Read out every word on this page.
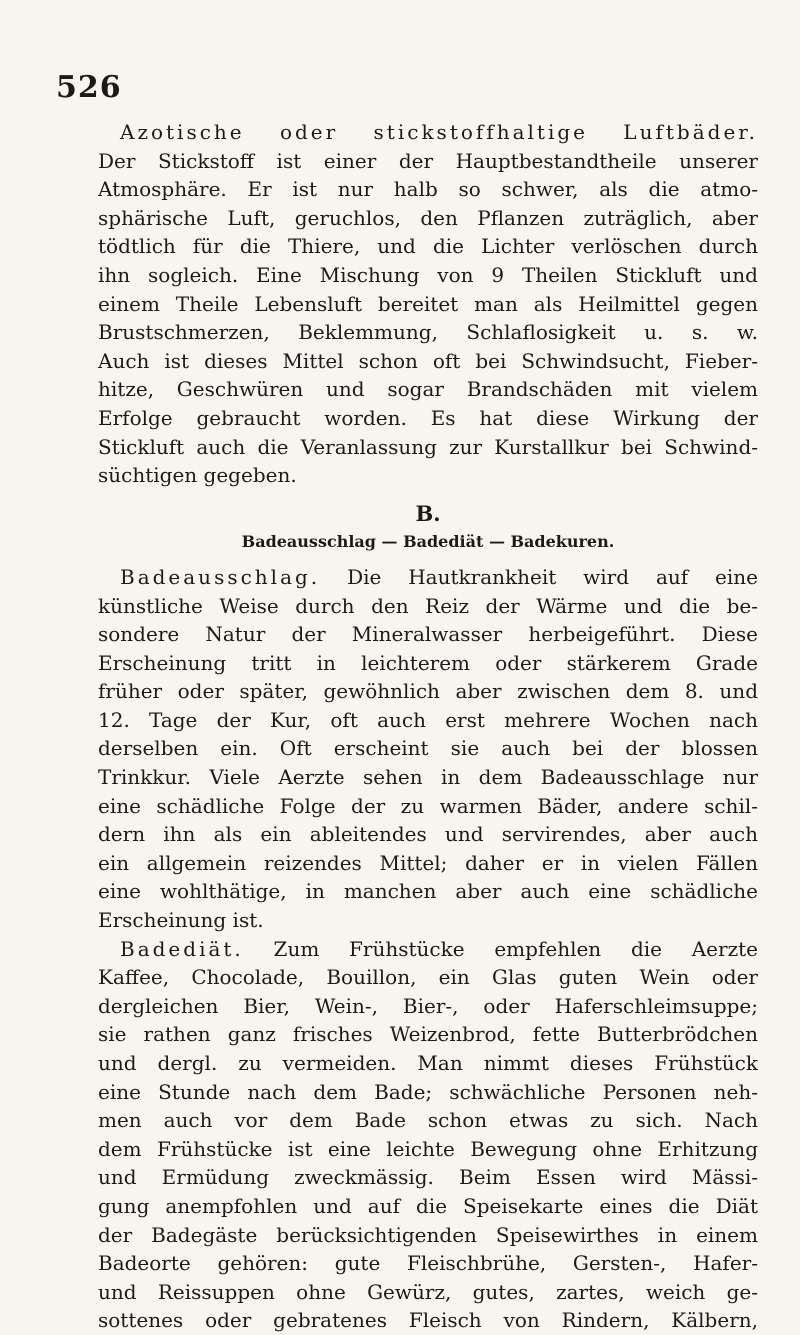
526
Azotische oder stickstoffhaltige Luftbäder.
Der Stickstoff ist einer der Hauptbestandtheile unserer
Atmosphäre. Er ist nur halb so schwer, als die atmo-
sphärische Luft, geruchlos, den Pflanzen zuträglich, aber
tödtlich für die Thiere, und die Lichter verlöschen durch
ihn sogleich. Eine Mischung von 9 Theilen Stickluft und
einem Theile Lebensluft bereitet man als Heilmittel gegen
Brustschmerzen, Beklemmung, Schlaflosigkeit u. s. w.
Auch ist dieses Mittel schon oft bei Schwindsucht, Fieber-
hitze, Geschwüren und sogar Brandschäden mit vielem
Erfolge gebraucht worden. Es hat diese Wirkung der
Stickluft auch die Veranlassung zur Kurstallkur bei Schwind-
süchtigen gegeben.
B.
Badeausschlag — Badediät — Badekuren.
Badeausschlag. Die Hautkrankheit wird auf eine
künstliche Weise durch den Reiz der Wärme und die be-
sondere Natur der Mineralwasser herbeigeführt. Diese
Erscheinung tritt in leichterem oder stärkerem Grade
früher oder später, gewöhnlich aber zwischen dem 8. und
12. Tage der Kur, oft auch erst mehrere Wochen nach
derselben ein. Oft erscheint sie auch bei der blossen
Trinkkur. Viele Aerzte sehen in dem Badeausschlage nur
eine schädliche Folge der zu warmen Bäder, andere schil-
dern ihn als ein ableitendes und servirendes, aber auch
ein allgemein reizendes Mittel; daher er in vielen Fällen
eine wohlthätige, in manchen aber auch eine schädliche
Erscheinung ist.
Badediät. Zum Frühstücke empfehlen die Aerzte
Kaffee, Chocolade, Bouillon, ein Glas guten Wein oder
dergleichen Bier, Wein-, Bier-, oder Haferschleimsuppe;
sie rathen ganz frisches Weizenbrod, fette Butterbrödchen
und dergl. zu vermeiden. Man nimmt dieses Frühstück
eine Stunde nach dem Bade; schwächliche Personen neh-
men auch vor dem Bade schon etwas zu sich. Nach
dem Frühstücke ist eine leichte Bewegung ohne Erhitzung
und Ermüdung zweckmässig. Beim Essen wird Mässi-
gung anempfohlen und auf die Speisekarte eines die Diät
der Badegäste berücksichtigenden Speisewirthes in einem
Badeorte gehören: gute Fleischbrühe, Gersten-, Hafer-
und Reissuppen ohne Gewürz, gutes, zartes, weich ge-
sottenes oder gebratenes Fleisch von Rindern, Kälbern,
